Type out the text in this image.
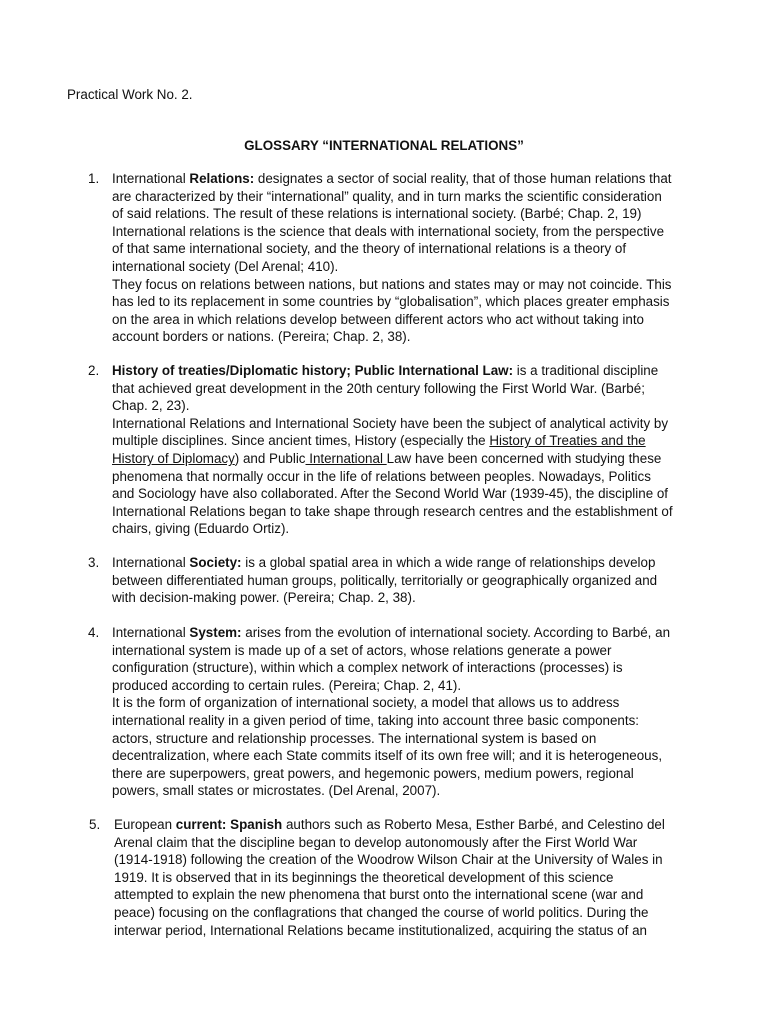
Practical Work No. 2.
GLOSSARY “INTERNATIONAL RELATIONS”
1. International Relations: designates a sector of social reality, that of those human relations that
are characterized by their “international” quality, and in turn marks the scientific consideration
of said relations. The result of these relations is international society. (Barbé; Chap. 2, 19)
International relations is the science that deals with international society, from the perspective
of that same international society, and the theory of international relations is a theory of
international society (Del Arenal; 410).
They focus on relations between nations, but nations and states may or may not coincide. This
has led to its replacement in some countries by “globalisation”, which places greater emphasis
on the area in which relations develop between different actors who act without taking into
account borders or nations. (Pereira; Chap. 2, 38).
2. History of treaties/Diplomatic history; Public International Law: is a traditional discipline
that achieved great development in the 20th century following the First World War. (Barbé;
Chap. 2, 23).
International Relations and International Society have been the subject of analytical activity by
multiple disciplines. Since ancient times, History (especially the History of Treaties and the
History of Diplomacy) and Public International Law have been concerned with studying these
phenomena that normally occur in the life of relations between peoples. Nowadays, Politics
and Sociology have also collaborated. After the Second World War (1939-45), the discipline of
International Relations began to take shape through research centres and the establishment of
chairs, giving (Eduardo Ortiz).
3. International Society: is a global spatial area in which a wide range of relationships develop
between differentiated human groups, politically, territorially or geographically organized and
with decision-making power. (Pereira; Chap. 2, 38).
4. International System: arises from the evolution of international society. According to Barbé, an
international system is made up of a set of actors, whose relations generate a power
configuration (structure), within which a complex network of interactions (processes) is
produced according to certain rules. (Pereira; Chap. 2, 41).
It is the form of organization of international society, a model that allows us to address
international reality in a given period of time, taking into account three basic components:
actors, structure and relationship processes. The international system is based on
decentralization, where each State commits itself of its own free will; and it is heterogeneous,
there are superpowers, great powers, and hegemonic powers, medium powers, regional
powers, small states or microstates. (Del Arenal, 2007).
5. European current: Spanish authors such as Roberto Mesa, Esther Barbé, and Celestino del
Arenal claim that the discipline began to develop autonomously after the First World War
(1914-1918) following the creation of the Woodrow Wilson Chair at the University of Wales in
1919. It is observed that in its beginnings the theoretical development of this science
attempted to explain the new phenomena that burst onto the international scene (war and
peace) focusing on the conflagrations that changed the course of world politics. During the
interwar period, International Relations became institutionalized, acquiring the status of an
